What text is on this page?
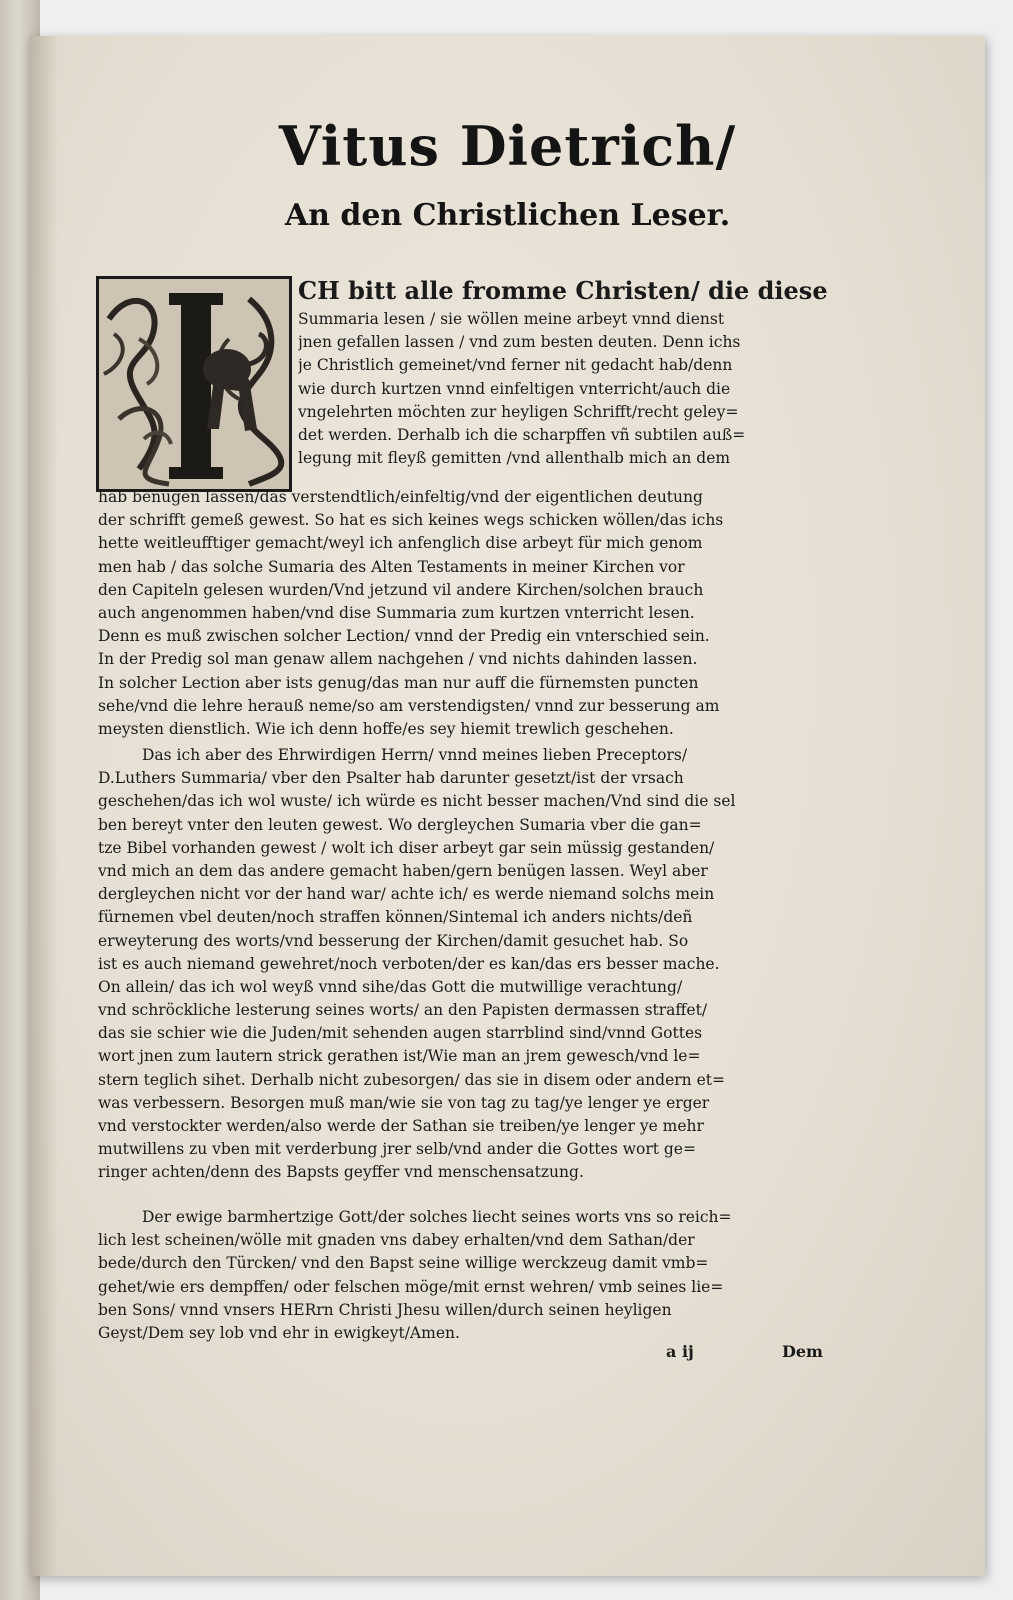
Vitus Dietrich/
An den Christlichen Leser.
CH bitt alle fromme Christen/ die diese
Summaria lesen / sie wöllen meine arbeyt vnnd dienst
jnen gefallen lassen / vnd zum besten deuten. Denn ichs
je Christlich gemeinet/vnd ferner nit gedacht hab/denn
wie durch kurtzen vnnd einfeltigen vnterricht/auch die
vngelehrten möchten zur heyligen Schrifft/recht geley=
det werden. Derhalb ich die scharpffen vñ subtilen auß=
legung mit fleyß gemitten /vnd allenthalb mich an dem
hab benügen lassen/das verstendtlich/einfeltig/vnd der eigentlichen deutung
der schrifft gemeß gewest. So hat es sich keines wegs schicken wöllen/das ichs
hette weitleufftiger gemacht/weyl ich anfenglich dise arbeyt für mich genom
men hab / das solche Sumaria des Alten Testaments in meiner Kirchen vor
den Capiteln gelesen wurden/Vnd jetzund vil andere Kirchen/solchen brauch
auch angenommen haben/vnd dise Summaria zum kurtzen vnterricht lesen.
Denn es muß zwischen solcher Lection/ vnnd der Predig ein vnterschied sein.
In der Predig sol man genaw allem nachgehen / vnd nichts dahinden lassen.
In solcher Lection aber ists genug/das man nur auff die fürnemsten puncten
sehe/vnd die lehre herauß neme/so am verstendigsten/ vnnd zur besserung am
meysten dienstlich. Wie ich denn hoffe/es sey hiemit trewlich geschehen.
Das ich aber des Ehrwirdigen Herrn/ vnnd meines lieben Preceptors/
D.Luthers Summaria/ vber den Psalter hab darunter gesetzt/ist der vrsach
geschehen/das ich wol wuste/ ich würde es nicht besser machen/Vnd sind die sel
ben bereyt vnter den leuten gewest. Wo dergleychen Sumaria vber die gan=
tze Bibel vorhanden gewest / wolt ich diser arbeyt gar sein müssig gestanden/
vnd mich an dem das andere gemacht haben/gern benügen lassen. Weyl aber
dergleychen nicht vor der hand war/ achte ich/ es werde niemand solchs mein
fürnemen vbel deuten/noch straffen können/Sintemal ich anders nichts/deñ
erweyterung des worts/vnd besserung der Kirchen/damit gesuchet hab. So
ist es auch niemand gewehret/noch verboten/der es kan/das ers besser mache.
On allein/ das ich wol weyß vnnd sihe/das Gott die mutwillige verachtung/
vnd schröckliche lesterung seines worts/ an den Papisten dermassen straffet/
das sie schier wie die Juden/mit sehenden augen starrblind sind/vnnd Gottes
wort jnen zum lautern strick gerathen ist/Wie man an jrem gewesch/vnd le=
stern teglich sihet. Derhalb nicht zubesorgen/ das sie in disem oder andern et=
was verbessern. Besorgen muß man/wie sie von tag zu tag/ye lenger ye erger
vnd verstockter werden/also werde der Sathan sie treiben/ye lenger ye mehr
mutwillens zu vben mit verderbung jrer selb/vnd ander die Gottes wort ge=
ringer achten/denn des Bapsts geyffer vnd menschensatzung.
Der ewige barmhertzige Gott/der solches liecht seines worts vns so reich=
lich lest scheinen/wölle mit gnaden vns dabey erhalten/vnd dem Sathan/der
bede/durch den Türcken/ vnd den Bapst seine willige werckzeug damit vmb=
gehet/wie ers dempffen/ oder felschen möge/mit ernst wehren/ vmb seines lie=
ben Sons/ vnnd vnsers HERrn Christi Jhesu willen/durch seinen heyligen
Geyst/Dem sey lob vnd ehr in ewigkeyt/Amen.
a ij	Dem
